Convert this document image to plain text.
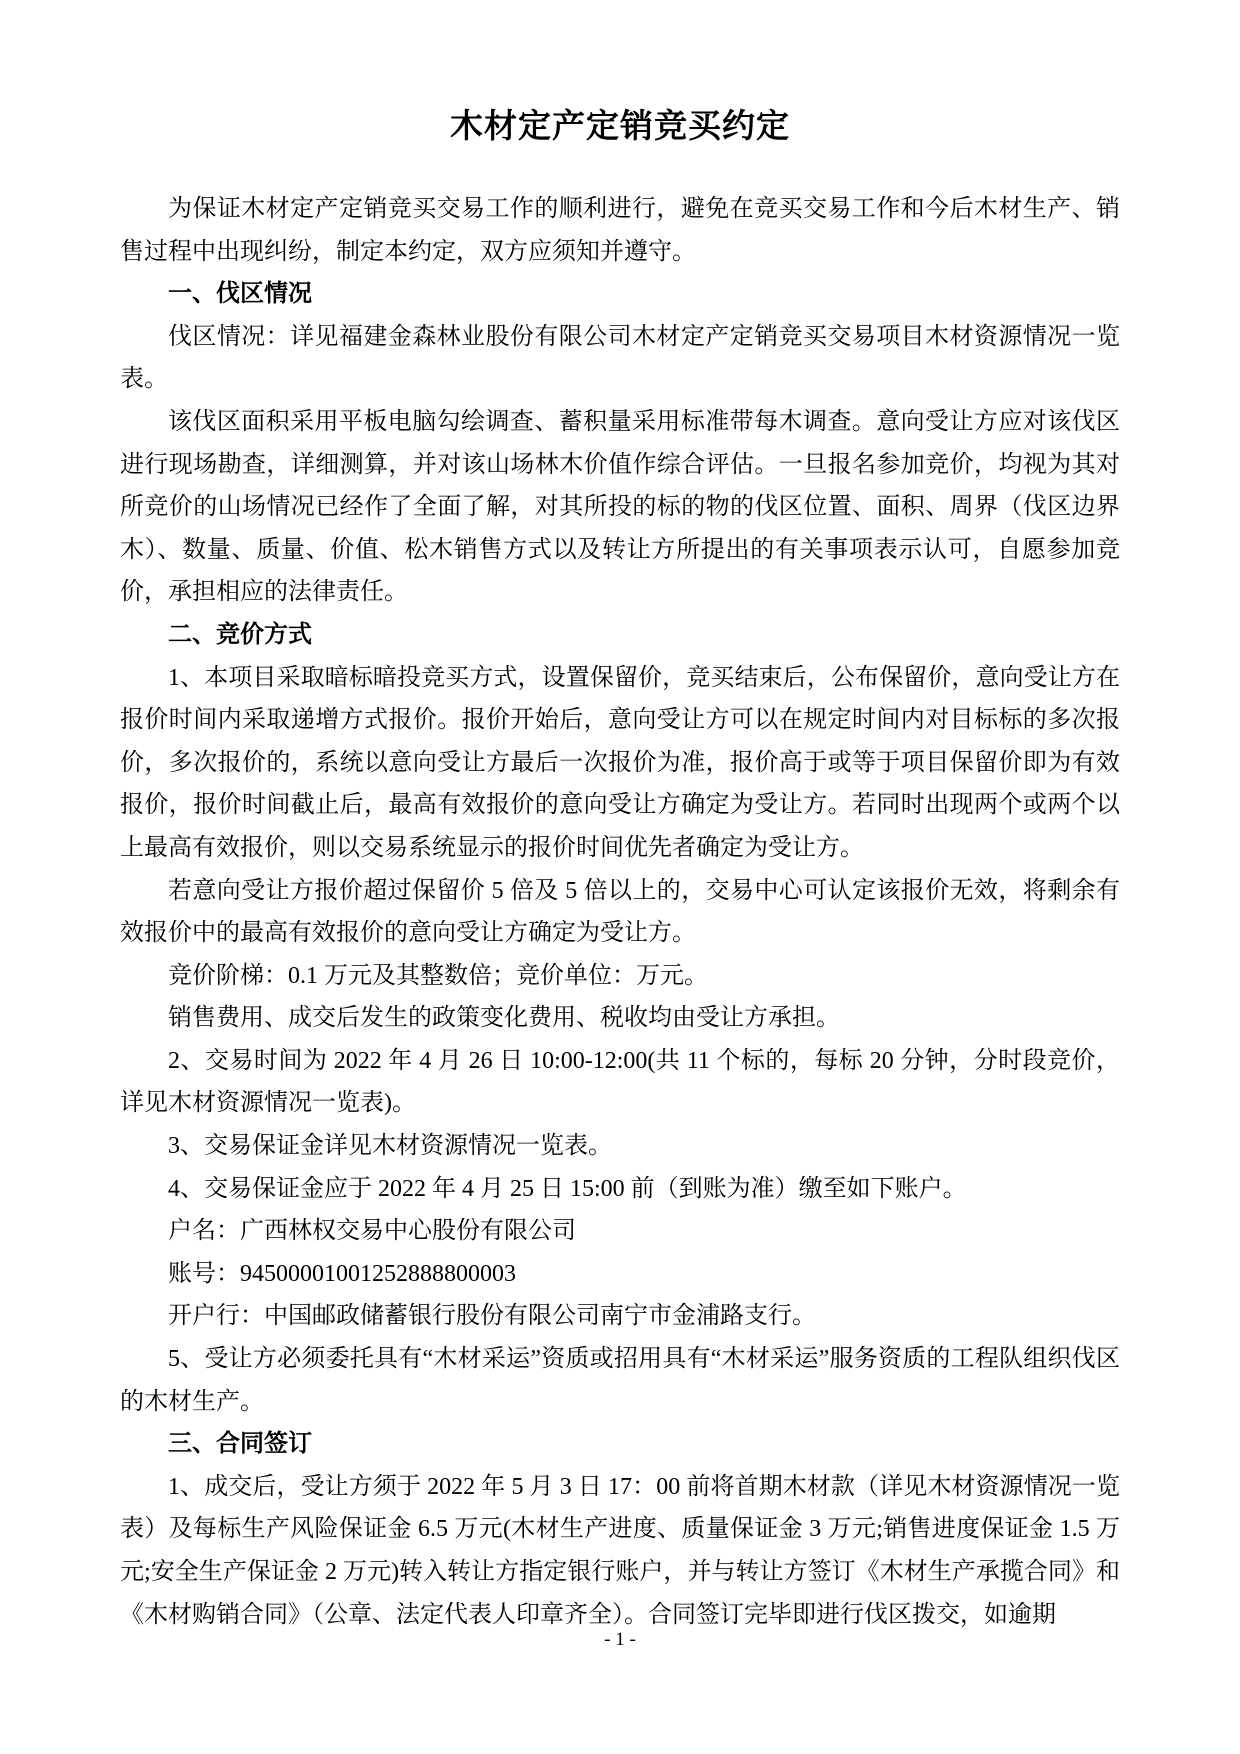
木材定产定销竞买约定

为保证木材定产定销竞买交易工作的顺利进行，避免在竞买交易工作和今后木材生产、销售过程中出现纠纷，制定本约定，双方应须知并遵守。

一、伐区情况

伐区情况：详见福建金森林业股份有限公司木材定产定销竞买交易项目木材资源情况一览表。

该伐区面积采用平板电脑勾绘调查、蓄积量采用标准带每木调查。意向受让方应对该伐区进行现场勘查，详细测算，并对该山场林木价值作综合评估。一旦报名参加竞价，均视为其对所竞价的山场情况已经作了全面了解，对其所投的标的物的伐区位置、面积、周界（伐区边界木）、数量、质量、价值、松木销售方式以及转让方所提出的有关事项表示认可，自愿参加竞价，承担相应的法律责任。

二、竞价方式

1、本项目采取暗标暗投竞买方式，设置保留价，竞买结束后，公布保留价，意向受让方在报价时间内采取递增方式报价。报价开始后，意向受让方可以在规定时间内对目标标的多次报价，多次报价的，系统以意向受让方最后一次报价为准，报价高于或等于项目保留价即为有效报价，报价时间截止后，最高有效报价的意向受让方确定为受让方。若同时出现两个或两个以上最高有效报价，则以交易系统显示的报价时间优先者确定为受让方。

若意向受让方报价超过保留价 5 倍及 5 倍以上的，交易中心可认定该报价无效，将剩余有效报价中的最高有效报价的意向受让方确定为受让方。

竞价阶梯：0.1 万元及其整数倍；竞价单位：万元。

销售费用、成交后发生的政策变化费用、税收均由受让方承担。

2、交易时间为 2022 年 4 月 26 日 10:00-12:00(共 11 个标的，每标 20 分钟，分时段竞价，详见木材资源情况一览表)。

3、交易保证金详见木材资源情况一览表。

4、交易保证金应于 2022 年 4 月 25 日 15:00 前（到账为准）缴至如下账户。

户名：广西林权交易中心股份有限公司

账号：94500001001252888800003

开户行：中国邮政储蓄银行股份有限公司南宁市金浦路支行。

5、受让方必须委托具有“木材采运”资质或招用具有“木材采运”服务资质的工程队组织伐区的木材生产。

三、合同签订

1、成交后，受让方须于 2022 年 5 月 3 日 17：00 前将首期木材款（详见木材资源情况一览表）及每标生产风险保证金 6.5 万元(木材生产进度、质量保证金 3 万元;销售进度保证金 1.5 万元;安全生产保证金 2 万元)转入转让方指定银行账户，并与转让方签订《木材生产承揽合同》和《木材购销合同》（公章、法定代表人印章齐全）。合同签订完毕即进行伐区拨交，如逾期

- 1 -
